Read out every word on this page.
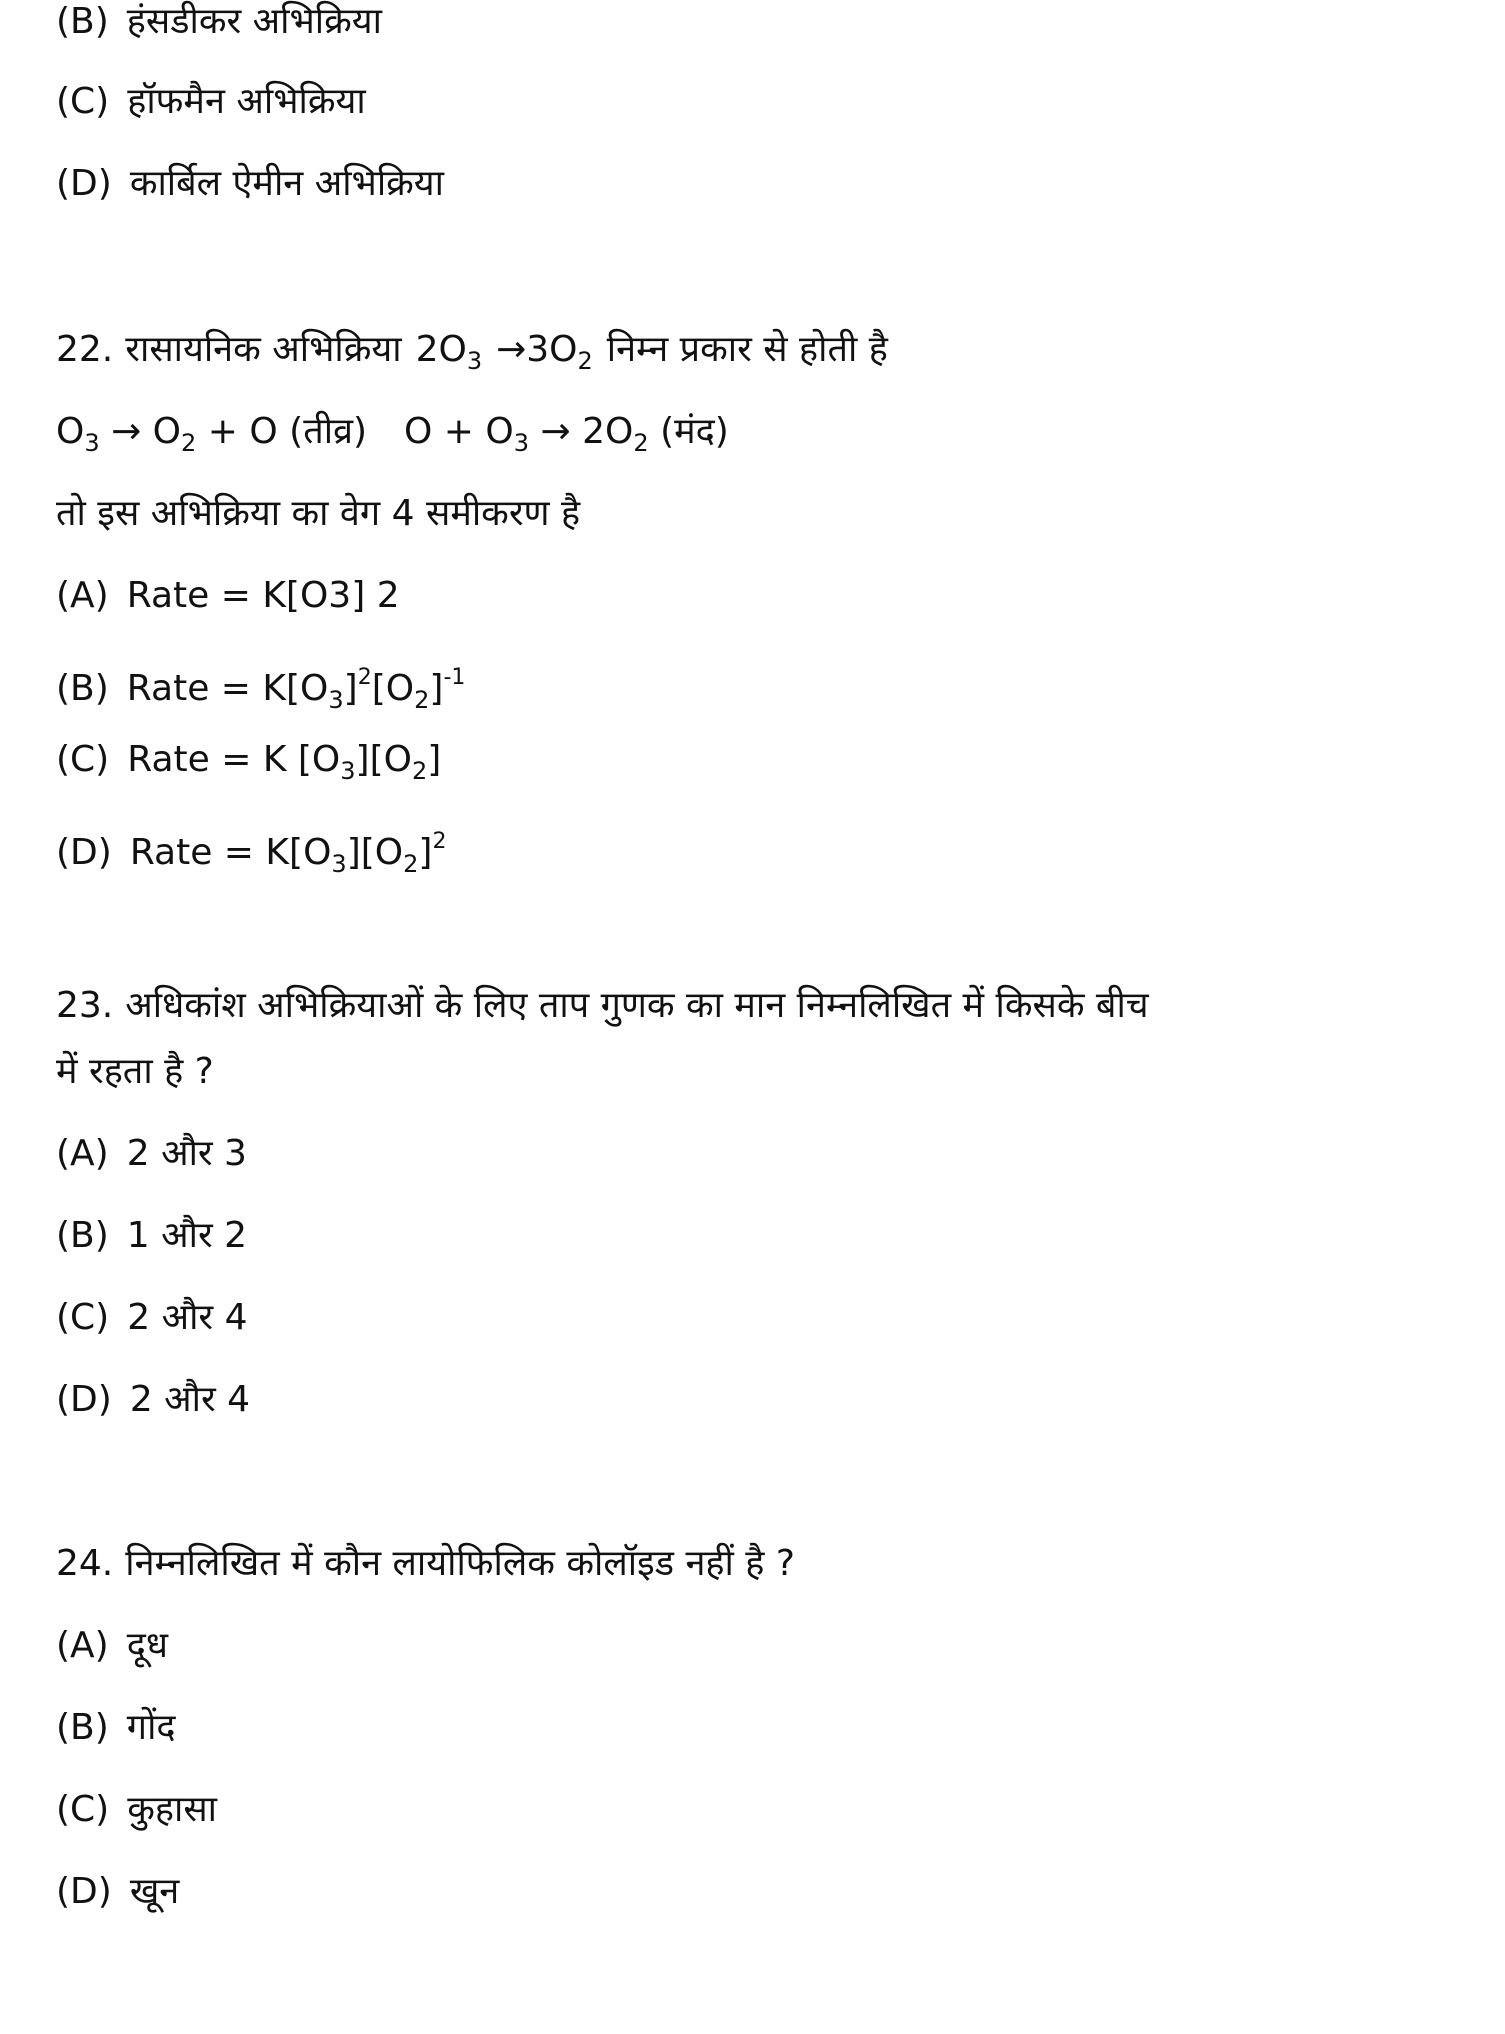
(B) हंसडीकर अभिक्रिया
(C) हॉफमैन अभिक्रिया
(D) कार्बिल ऐमीन अभिक्रिया
22. रासायनिक अभिक्रिया $2O_3 \to 3O_2$ निम्न प्रकार से होती है
$O_3 \to O_2 + O$ (तीव्र) $O + O_3 \to 2O_2$ (मंद)
तो इस अभिक्रिया का वेग 4 समीकरण है
(A) Rate = K[O3] 2
(B) Rate = $K[O_3]^2[O_2]^{-1}$
(C) Rate = K $[O_3][O_2]$
(D) Rate = $K[O_3][O_2]^2$
23. अधिकांश अभिक्रियाओं के लिए ताप गुणक का मान निम्नलिखित में किसके बीच
में रहता है ?
(A) 2 और 3
(B) 1 और 2
(C) 2 और 4
(D) 2 और 4
24. निम्नलिखित में कौन लायोफिलिक कोलॉइड नहीं है ?
(A) दूध
(B) गोंद
(C) कुहासा
(D) खून
